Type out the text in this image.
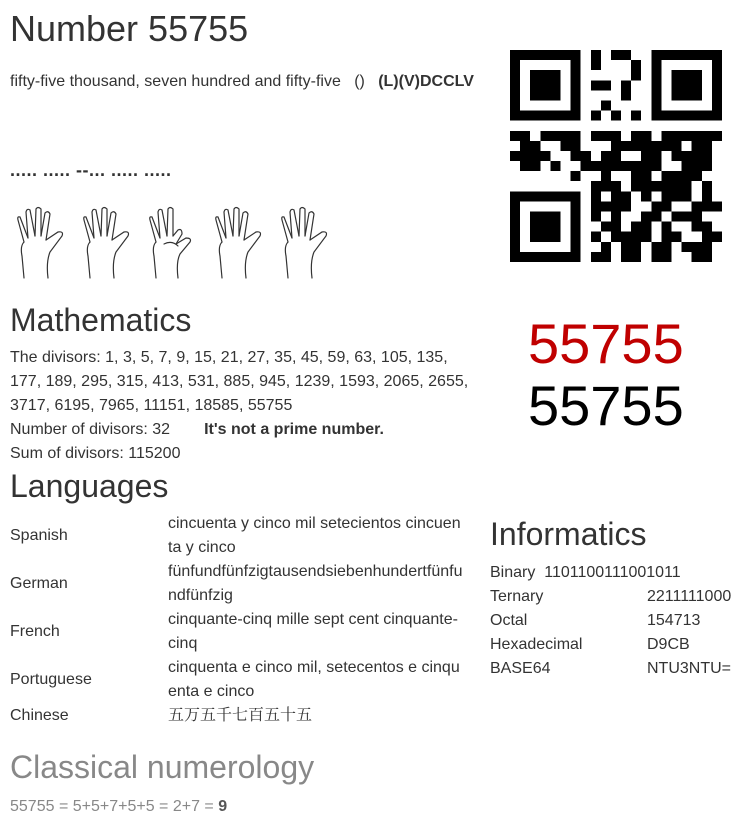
Number 55755
fifty-five thousand, seven hundred and fifty-five () (L)(V)DCCLV
..... ..... --... ..... .....
55755
55755
Mathematics
The divisors: 1, 3, 5, 7, 9, 15, 21, 27, 35, 45, 59, 63, 105, 135, 177, 189, 295, 315, 413, 531, 885, 945, 1239, 1593, 2065, 2655, 3717, 6195, 7965, 11151, 18585, 55755
Number of divisors: 32 It's not a prime number.
Sum of divisors: 115200
Languages
Spanish	cincuenta y cinco mil setecientos cincuenta y cinco
German	fünfundfünfzigtausendsiebenhundertfünfundfünfzig
French	cinquante-cinq mille sept cent cinquante-cinq
Portuguese	cinquenta e cinco mil, setecentos e cinquenta e cinco
Chinese	五万五千七百五十五
Informatics
Binary 1101100111001011	
Ternary	2211111000
Octal	154713
Hexadecimal	D9CB
BASE64	NTU3NTU=
Classical numerology
55755 = 5+5+7+5+5 = 2+7 = 9
